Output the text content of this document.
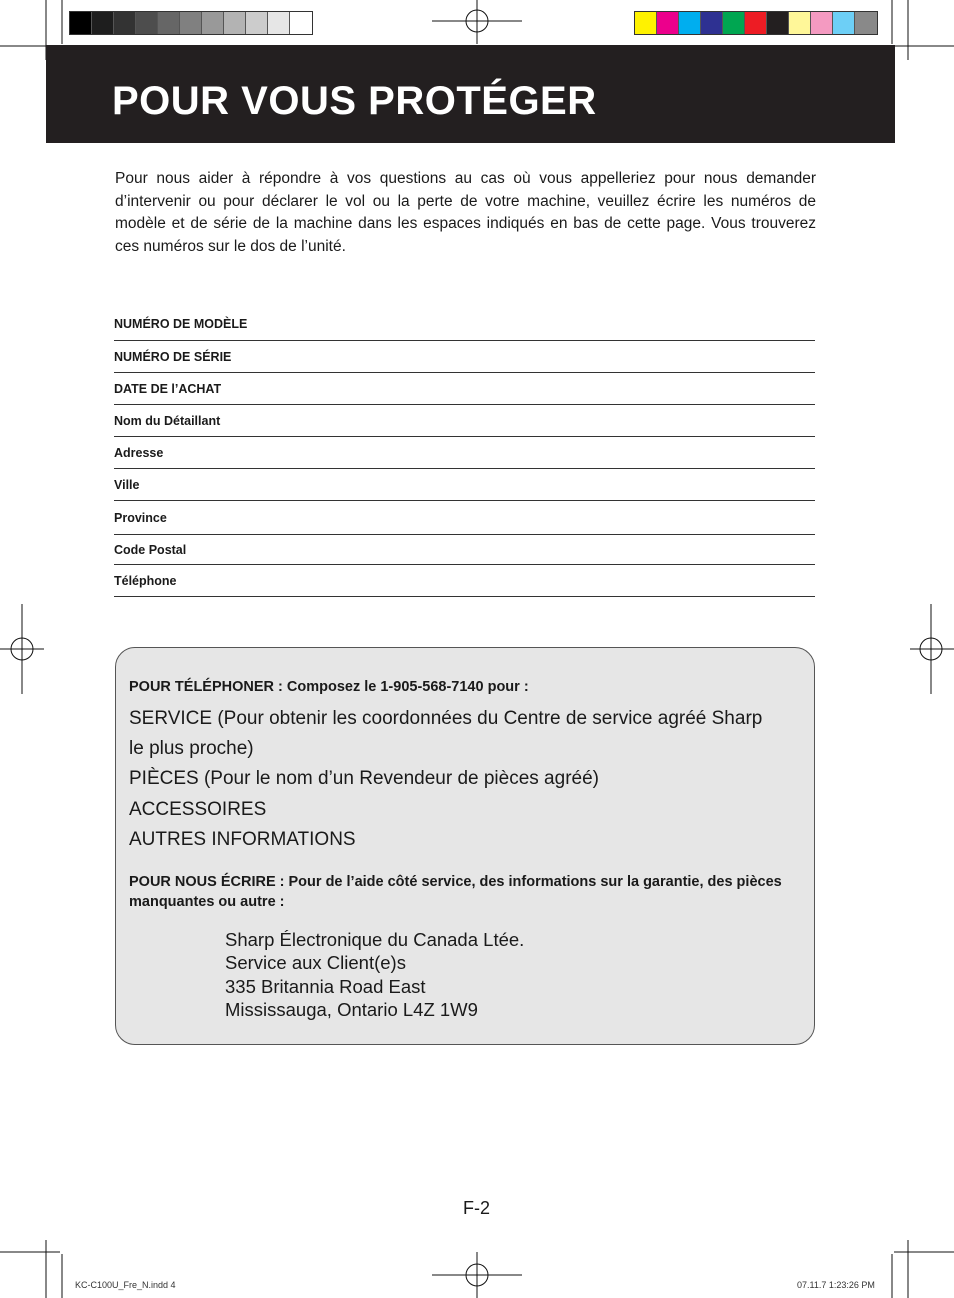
POUR VOUS PROTÉGER

Pour nous aider à répondre à vos questions au cas où vous appelleriez pour nous demander d’intervenir ou pour déclarer le vol ou la perte de votre machine, veuillez écrire les numéros de modèle et de série de la machine dans les espaces indiqués en bas de cette page. Vous trouverez ces numéros sur le dos de l’unité.

NUMÉRO DE MODÈLE
NUMÉRO DE SÉRIE
DATE DE l’ACHAT
Nom du Détaillant
Adresse
Ville
Province
Code Postal
Téléphone

POUR TÉLÉPHONER : Composez le 1-905-568-7140 pour :

SERVICE (Pour obtenir les coordonnées du Centre de service agréé Sharp
le plus proche)
PIÈCES (Pour le nom d’un Revendeur de pièces agréé)
ACCESSOIRES
AUTRES INFORMATIONS

POUR NOUS ÉCRIRE : Pour de l’aide côté service, des informations sur la garantie, des pièces manquantes ou autre :

Sharp Électronique du Canada Ltée.
Service aux Client(e)s
335 Britannia Road East
Mississauga, Ontario L4Z 1W9
F-2
KC-C100U_Fre_N.indd 4	07.11.7 1:23:26 PM
